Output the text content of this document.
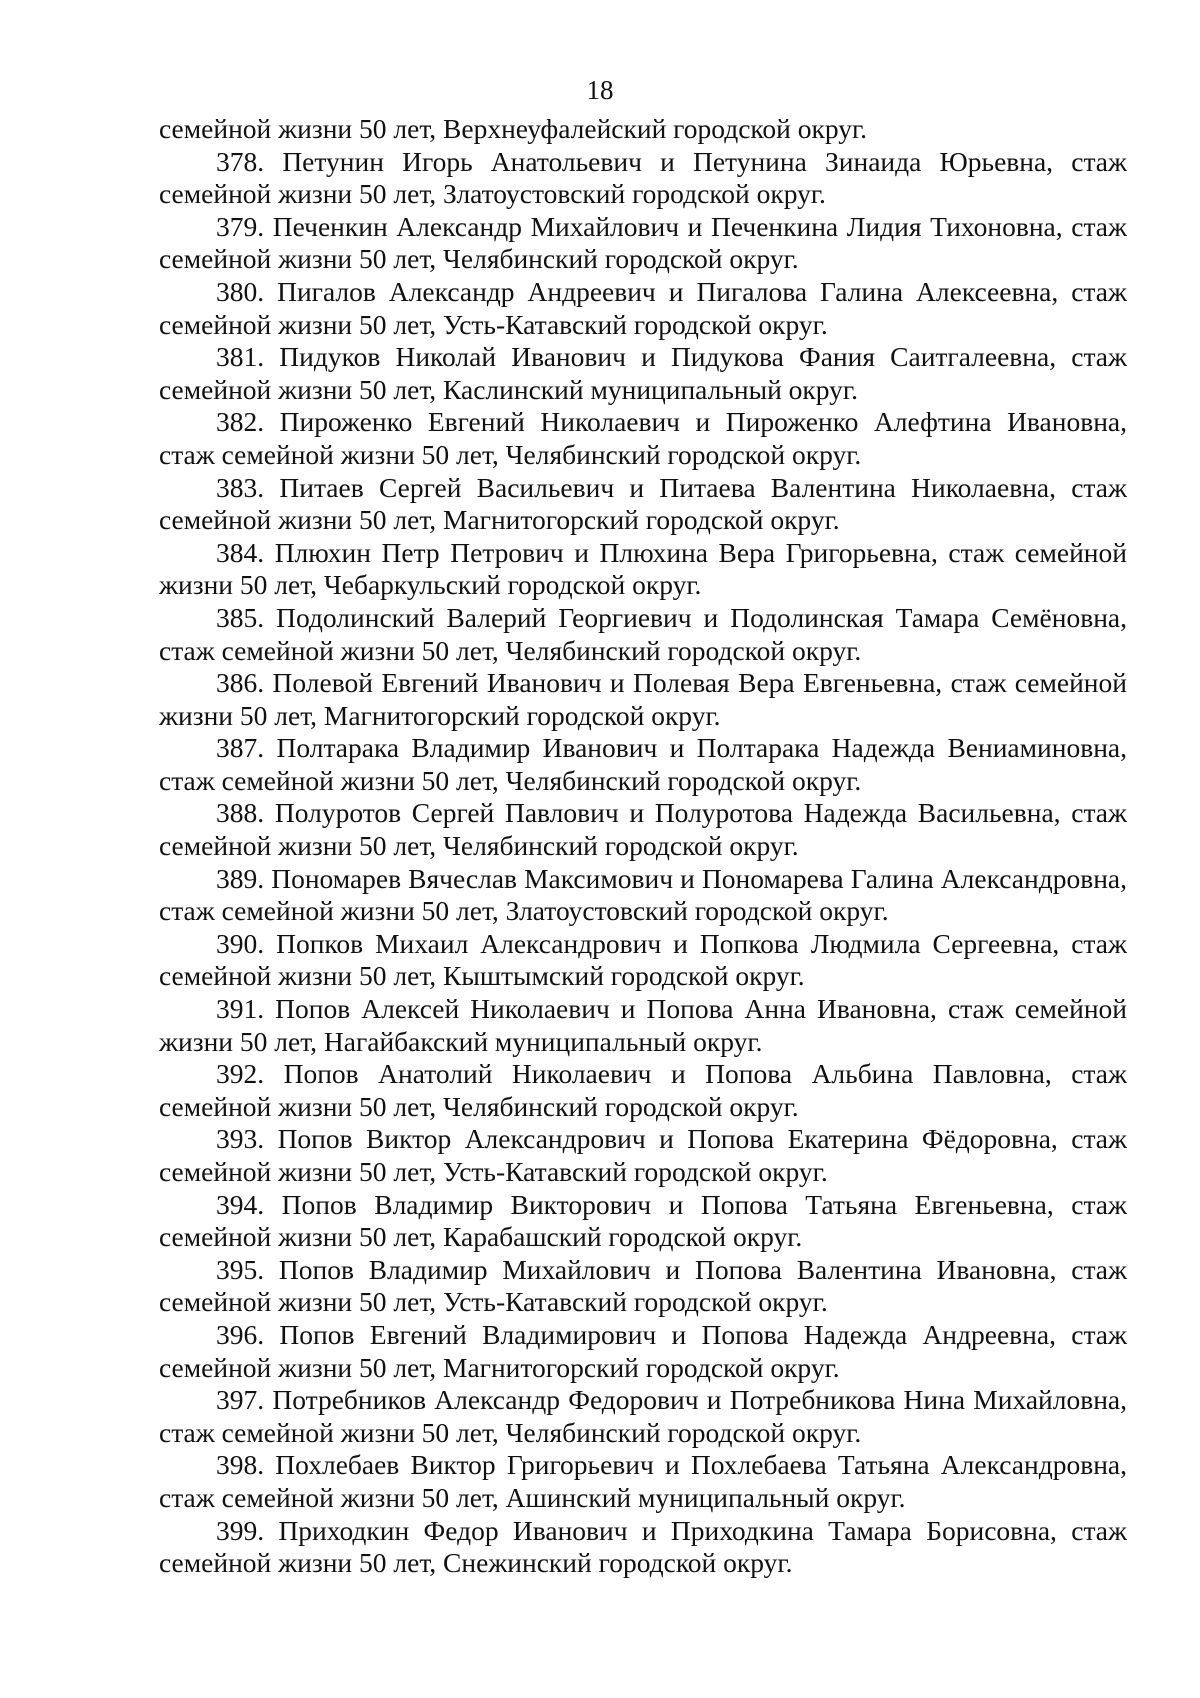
18

семейной жизни 50 лет, Верхнеуфалейский городской округ.

378. Петунин Игорь Анатольевич и Петунина Зинаида Юрьевна, стаж семейной жизни 50 лет, Златоустовский городской округ.

379. Печенкин Александр Михайлович и Печенкина Лидия Тихоновна, стаж семейной жизни 50 лет, Челябинский городской округ.

380. Пигалов Александр Андреевич и Пигалова Галина Алексеевна, стаж семейной жизни 50 лет, Усть-Катавский городской округ.

381. Пидуков Николай Иванович и Пидукова Фания Саитгалеевна, стаж семейной жизни 50 лет, Каслинский муниципальный округ.

382. Пироженко Евгений Николаевич и Пироженко Алефтина Ивановна, стаж семейной жизни 50 лет, Челябинский городской округ.

383. Питаев Сергей Васильевич и Питаева Валентина Николаевна, стаж семейной жизни 50 лет, Магнитогорский городской округ.

384. Плюхин Петр Петрович и Плюхина Вера Григорьевна, стаж семейной жизни 50 лет, Чебаркульский городской округ.

385. Подолинский Валерий Георгиевич и Подолинская Тамара Семёновна, стаж семейной жизни 50 лет, Челябинский городской округ.

386. Полевой Евгений Иванович и Полевая Вера Евгеньевна, стаж семейной жизни 50 лет, Магнитогорский городской округ.

387. Полтарака Владимир Иванович и Полтарака Надежда Вениаминовна, стаж семейной жизни 50 лет, Челябинский городской округ.

388. Полуротов Сергей Павлович и Полуротова Надежда Васильевна, стаж семейной жизни 50 лет, Челябинский городской округ.

389. Пономарев Вячеслав Максимович и Пономарева Галина Александровна, стаж семейной жизни 50 лет, Златоустовский городской округ.

390. Попков Михаил Александрович и Попкова Людмила Сергеевна, стаж семейной жизни 50 лет, Кыштымский городской округ.

391. Попов Алексей Николаевич и Попова Анна Ивановна, стаж семейной жизни 50 лет, Нагайбакский муниципальный округ.

392. Попов Анатолий Николаевич и Попова Альбина Павловна, стаж семейной жизни 50 лет, Челябинский городской округ.

393. Попов Виктор Александрович и Попова Екатерина Фёдоровна, стаж семейной жизни 50 лет, Усть-Катавский городской округ.

394. Попов Владимир Викторович и Попова Татьяна Евгеньевна, стаж семейной жизни 50 лет, Карабашский городской округ.

395. Попов Владимир Михайлович и Попова Валентина Ивановна, стаж семейной жизни 50 лет, Усть-Катавский городской округ.

396. Попов Евгений Владимирович и Попова Надежда Андреевна, стаж семейной жизни 50 лет, Магнитогорский городской округ.

397. Потребников Александр Федорович и Потребникова Нина Михайловна, стаж семейной жизни 50 лет, Челябинский городской округ.

398. Похлебаев Виктор Григорьевич и Похлебаева Татьяна Александровна, стаж семейной жизни 50 лет, Ашинский муниципальный округ.

399. Приходкин Федор Иванович и Приходкина Тамара Борисовна, стаж семейной жизни 50 лет, Снежинский городской округ.
